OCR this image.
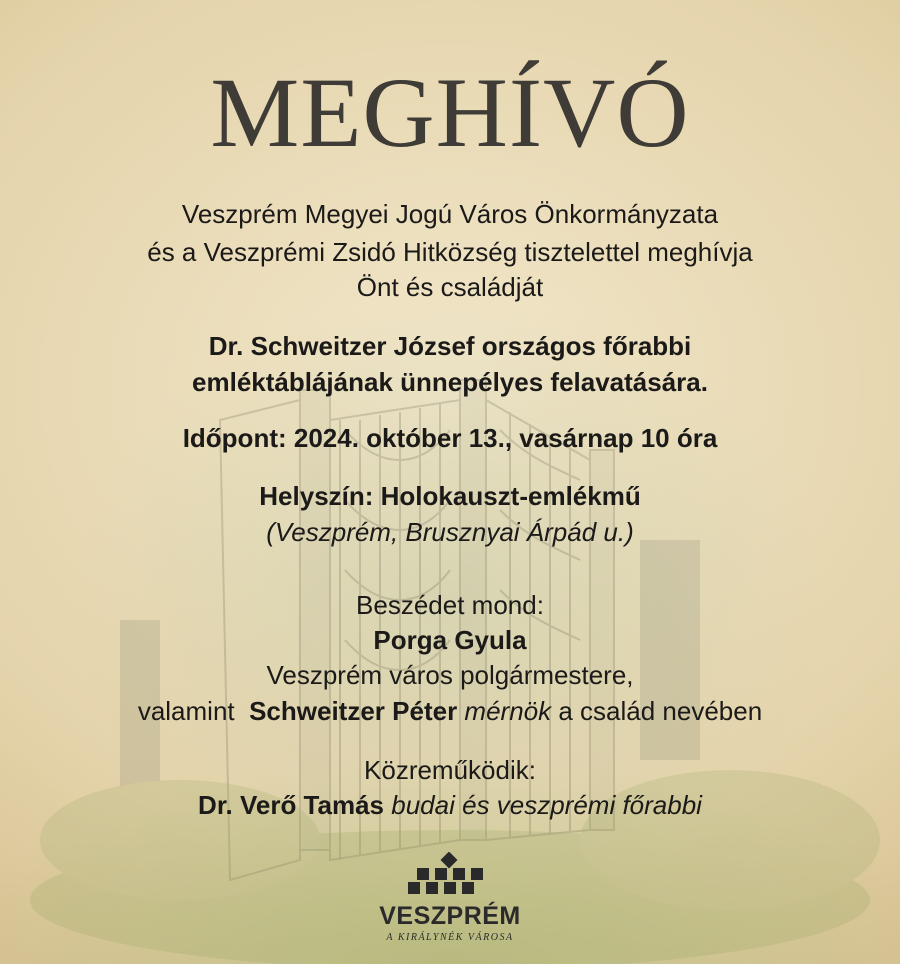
MEGHÍVÓ
Veszprém Megyei Jogú Város Önkormányzata
és a Veszprémi Zsidó Hitközség tisztelettel meghívja
Önt és családját
Dr. Schweitzer József országos főrabbi
emléktáblájának ünnepélyes felavatására.
Időpont: 2024. október 13., vasárnap 10 óra
Helyszín: Holokauszt-emlékmű
(Veszprém, Brusznyai Árpád u.)
Beszédet mond:
Porga Gyula
Veszprém város polgármestere,
valamint Schweitzer Péter mérnök a család nevében
Közreműködik:
Dr. Verő Tamás budai és veszprémi főrabbi
VESZPRÉM
A KIRÁLYNÉK VÁROSA
